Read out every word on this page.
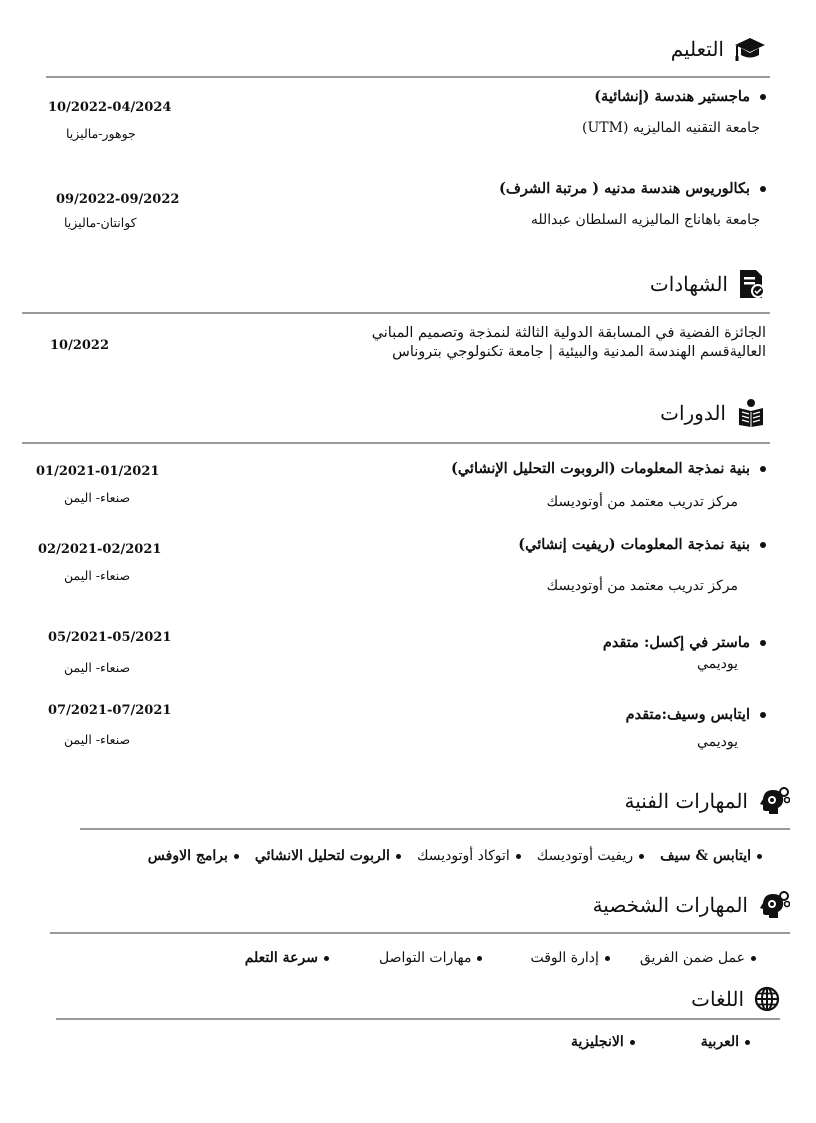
التعليم
ماجستير هندسة (إنشائية)
جامعة التقنيه الماليزيه (UTM)
10/2022-04/2024
جوهور-ماليزيا
بكالوريوس هندسة مدنيه ( مرتبة الشرف)
جامعة باهاناج الماليزيه السلطان عبدالله
09/2022-09/2022
كوانتان-ماليزيا
الشهادات
الجائزة الفضية في المسابقة الدولية الثالثة لنمذجة وتصميم المباني
العاليةقسم الهندسة المدنية والبيئية | جامعة تكنولوجي بتروناس
10/2022
الدورات
بنية نمذجة المعلومات (الروبوت التحليل الإنشائي)
مركز تدريب معتمد من أوتوديسك
01/2021-01/2021
صنعاء- اليمن
بنية نمذجة المعلومات (ريفيت إنشائي)
مركز تدريب معتمد من أوتوديسك
02/2021-02/2021
صنعاء- اليمن
ماستر في إكسل: متقدم
يوديمي
05/2021-05/2021
صنعاء- اليمن
ايتابس وسيف:متقدم
يوديمي
07/2021-07/2021
صنعاء- اليمن
المهارات الفنية
ايتابس & سيف
ريفيت أوتوديسك
اتوكاد أوتوديسك
الربوت لتحليل الانشائي
برامج الاوفس
المهارات الشخصية
عمل ضمن الفريق
إدارة الوقت
مهارات التواصل
سرعة التعلم
اللغات
العربية
الانجليزية
